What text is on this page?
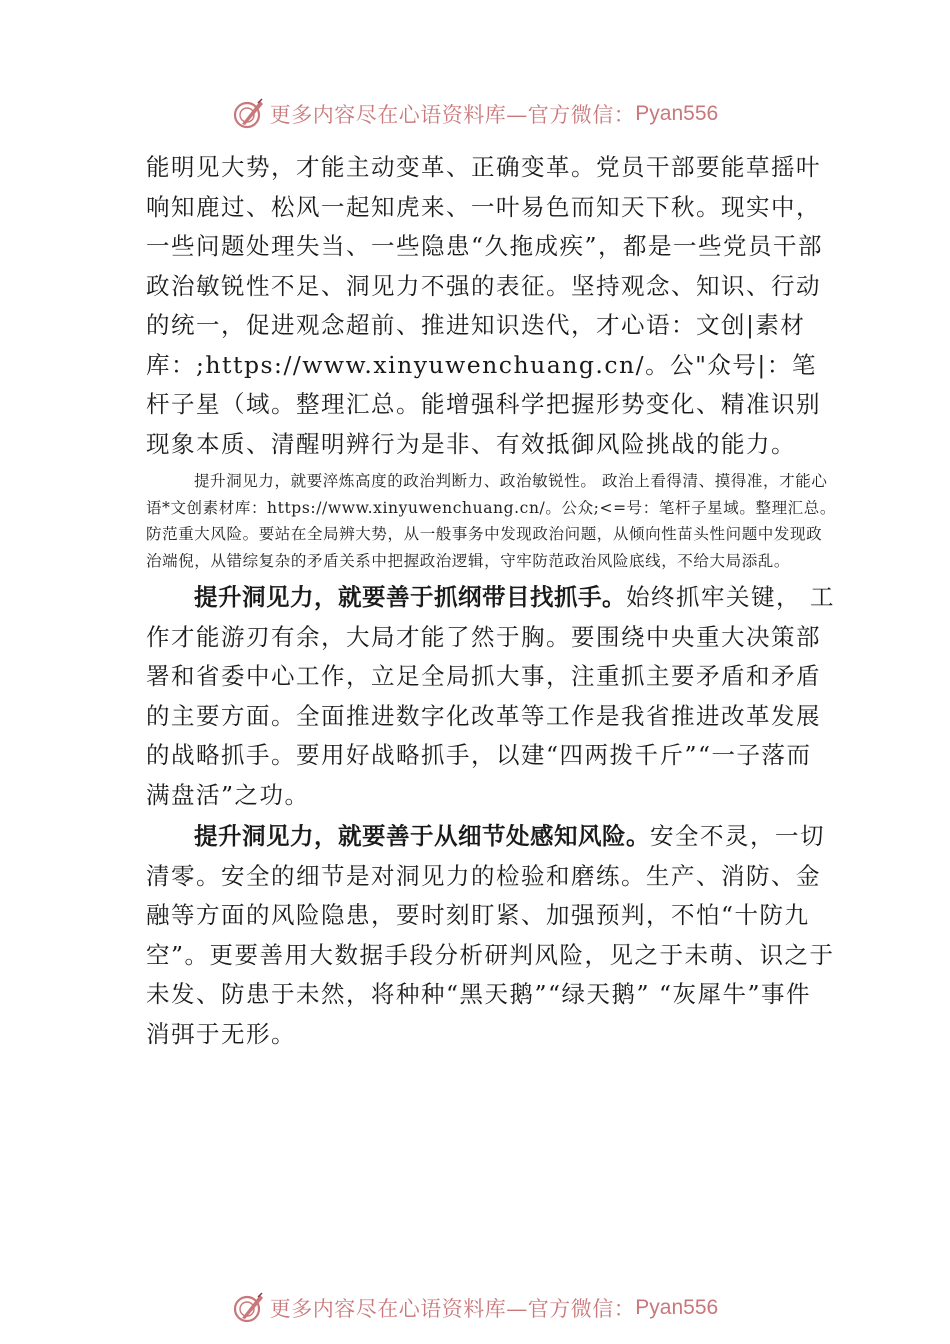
更多内容尽在心语资料库—官方微信： Pyan556

能明见大势，才能主动变革、正确变革。党员干部要能草摇叶响知鹿过、松风一起知虎来、一叶易色而知天下秋。现实中，一些问题处理失当、一些隐患“久拖成疾”，都是一些党员干部政治敏锐性不足、洞见力不强的表征。坚持观念、知识、行动的统一，促进观念超前、推进知识迭代，才心语：文创|素材库：;https://www.xinyuwenchuang.cn/。公"众号|：笔杆子星（域。整理汇总。能增强科学把握形势变化、精准识别现象本质、清醒明辨行为是非、有效抵御风险挑战的能力。

提升洞见力，就要淬炼高度的政治判断力、政治敏锐性。 政治上看得清、摸得准，才能心语*文创素材库：https://www.xinyuwenchuang.cn/。公众;<=号：笔杆子星域。整理汇总。防范重大风险。要站在全局辨大势，从一般事务中发现政治问题，从倾向性苗头性问题中发现政治端倪，从错综复杂的矛盾关系中把握政治逻辑，守牢防范政治风险底线，不给大局添乱。

提升洞见力，就要善于抓纲带目找抓手。始终抓牢关键， 工作才能游刃有余，大局才能了然于胸。要围绕中央重大决策部署和省委中心工作，立足全局抓大事，注重抓主要矛盾和矛盾的主要方面。全面推进数字化改革等工作是我省推进改革发展的战略抓手。要用好战略抓手，以建“四两拨千斤”“一子落而满盘活”之功。

提升洞见力，就要善于从细节处感知风险。安全不灵，一切清零。安全的细节是对洞见力的检验和磨练。生产、消防、金融等方面的风险隐患，要时刻盯紧、加强预判，不怕“十防九空”。更要善用大数据手段分析研判风险，见之于未萌、识之于未发、防患于未然，将种种“黑天鹅”“绿天鹅” “灰犀牛”事件消弭于无形。

更多内容尽在心语资料库—官方微信： Pyan556
